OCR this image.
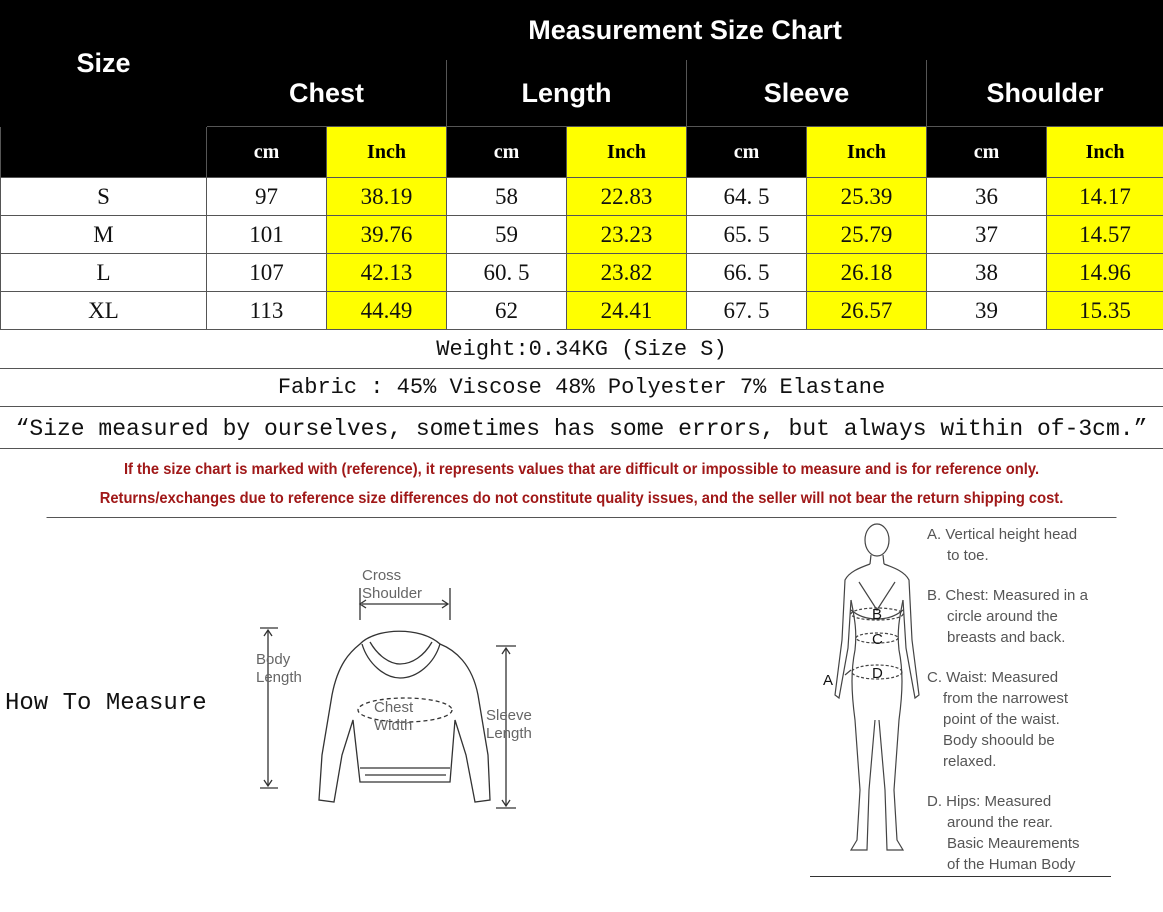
Size	Measurement Size Chart							
	Chest		Length		Sleeve		Shoulder	
	cm	Inch	cm	Inch	cm	Inch	cm	Inch
S	97	38.19	58	22.83	64. 5	25.39	36	14.17
M	101	39.76	59	23.23	65. 5	25.79	37	14.57
L	107	42.13	60. 5	23.82	66. 5	26.18	38	14.96
XL	113	44.49	62	24.41	67. 5	26.57	39	15.35
Weight:0.34KG (Size S)
Fabric : 45% Viscose 48% Polyester 7% Elastane
“Size measured by ourselves, sometimes has some errors, but always within of-3cm.”
If the size chart is marked with (reference), it represents values that are difficult or impossible to measure and is for reference only.
Returns/exchanges due to reference size differences do not constitute quality issues, and the seller will not bear the return shipping cost.
How To Measure
Cross
Shoulder
Body
Length
Chest
Width
Sleeve
Length
B
C
D
A
A. Vertical height head
to toe.
B. Chest: Measured in a
circle around the
breasts and back.
C. Waist: Measured
from the narrowest
point of the waist.
Body shoould be
relaxed.
D. Hips: Measured
around the rear.
Basic Meaurements
of the Human Body
